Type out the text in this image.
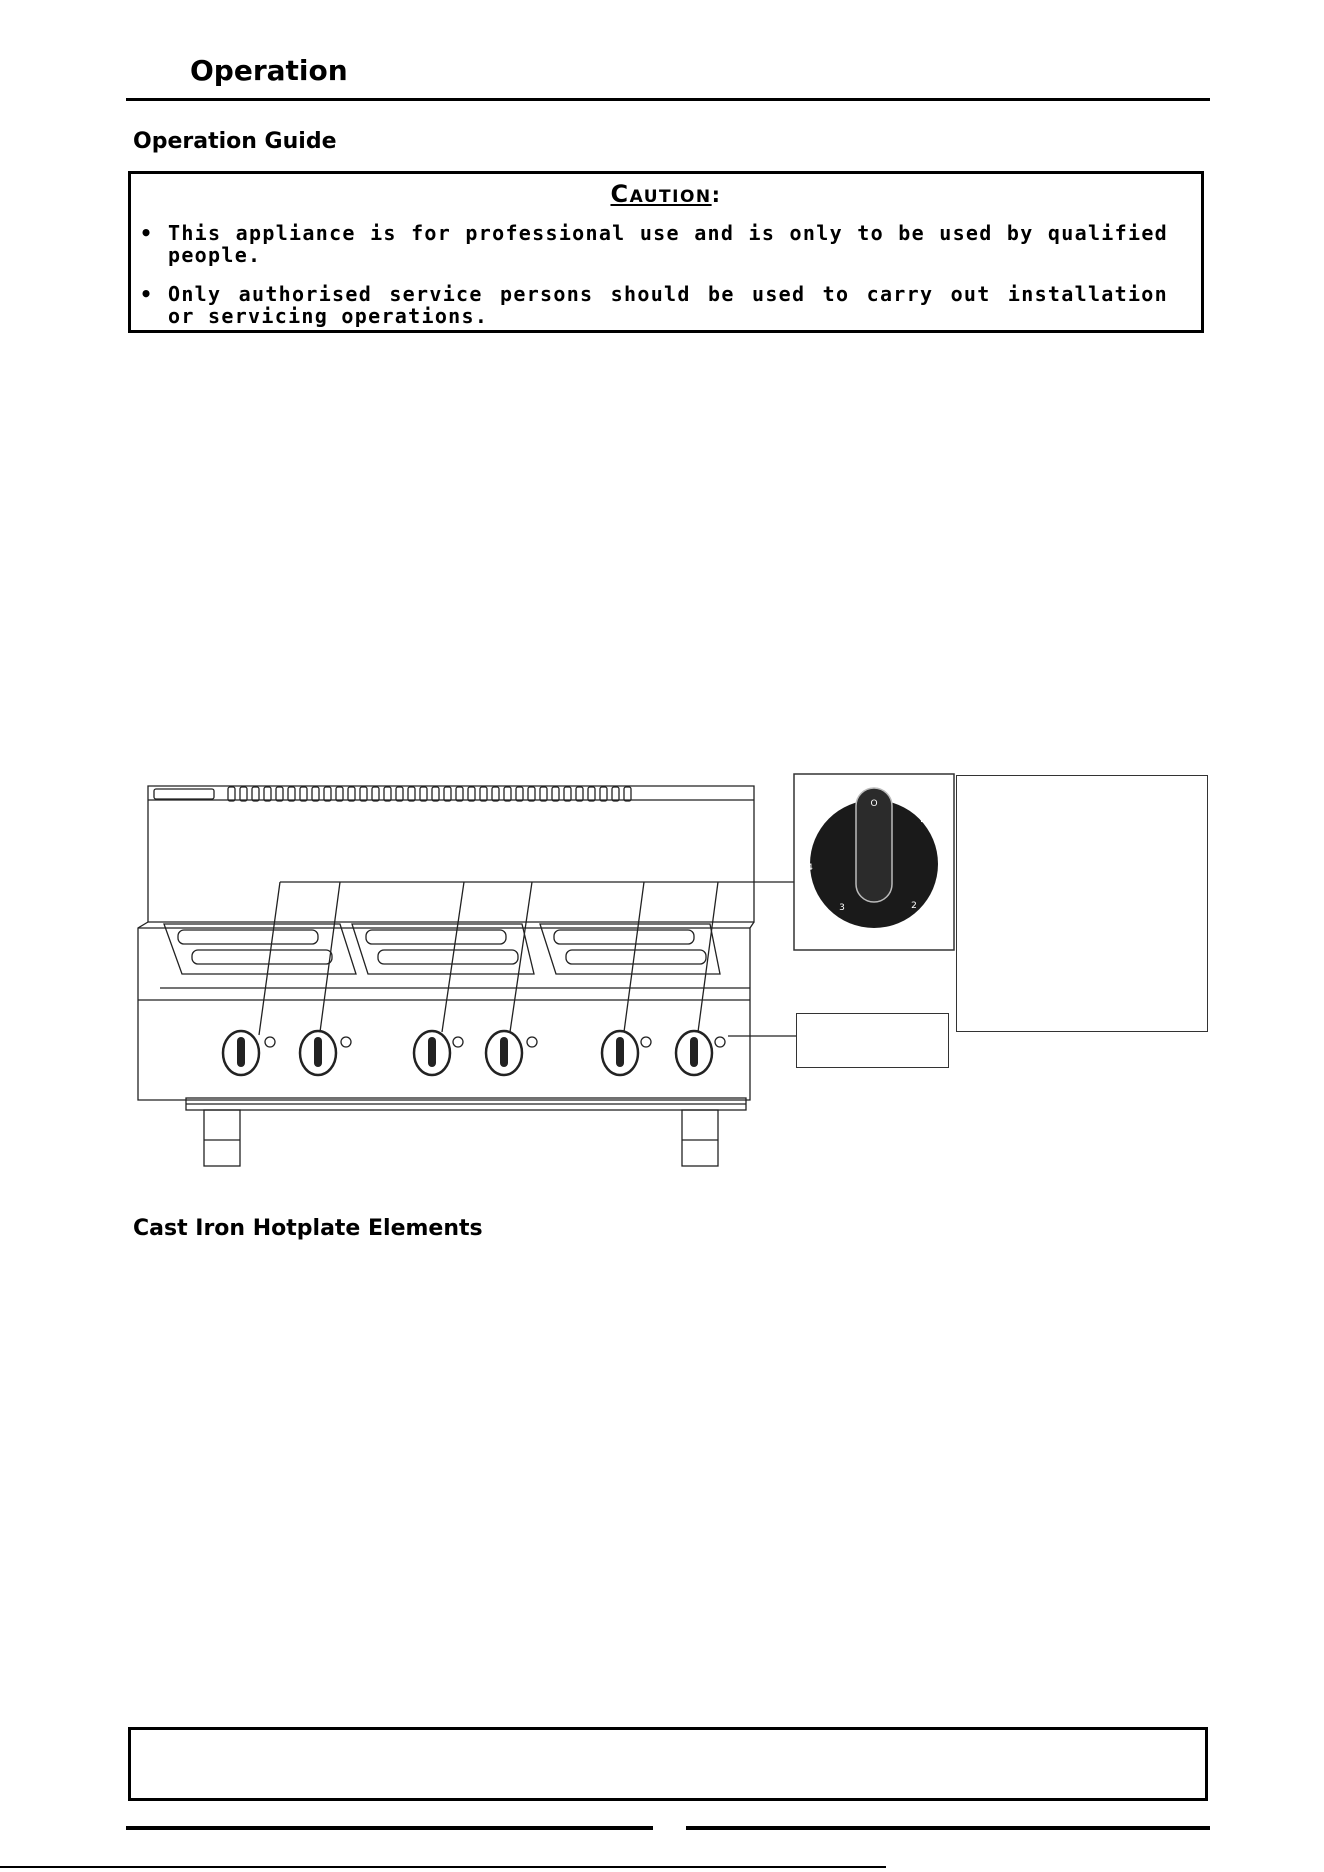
Operation
Operation Guide
Caution:
• This appliance is for professional use and is only to be used by qualified people.
• Only authorised service persons should be used to carry out installation or servicing operations.
O
LO
1
2
3
4
HI
Cast Iron Hotplate Elements
